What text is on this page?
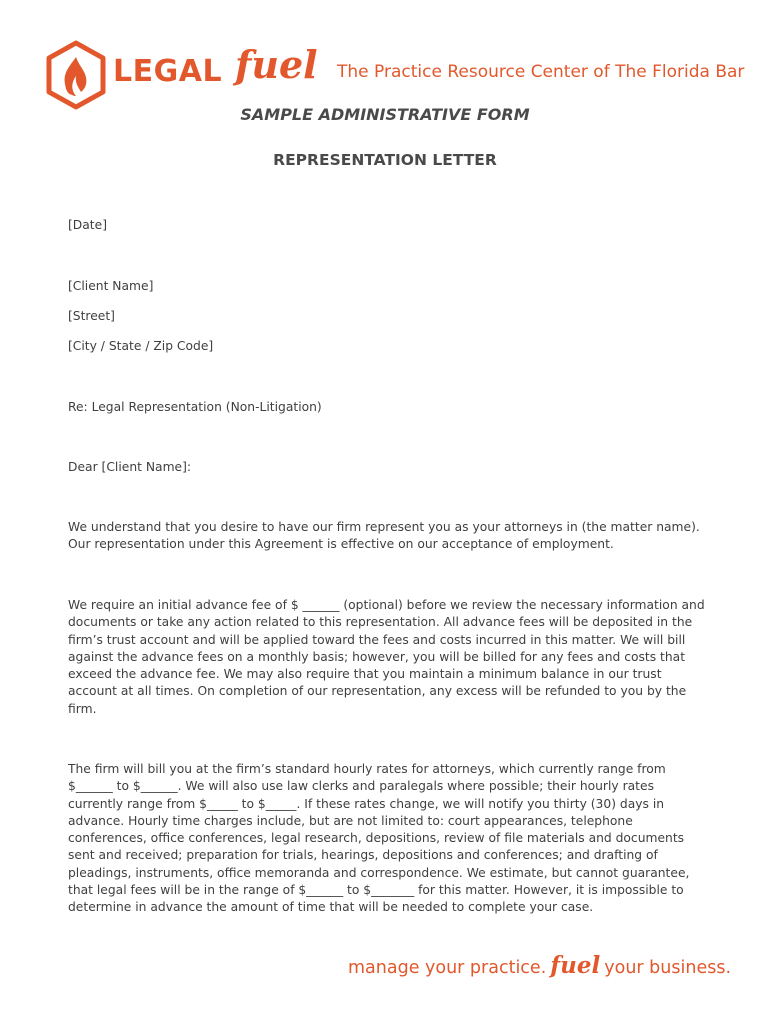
LEGAL fuel The Practice Resource Center of The Florida Bar
SAMPLE ADMINISTRATIVE FORM
REPRESENTATION LETTER
[Date]
[Client Name]
[Street]
[City / State / Zip Code]
Re: Legal Representation (Non-Litigation)
Dear [Client Name]:
We understand that you desire to have our firm represent you as your attorneys in (the matter name). Our representation under this Agreement is effective on our acceptance of employment.
We require an initial advance fee of $ ______ (optional) before we review the necessary information and documents or take any action related to this representation. All advance fees will be deposited in the firm’s trust account and will be applied toward the fees and costs incurred in this matter. We will bill against the advance fees on a monthly basis; however, you will be billed for any fees and costs that exceed the advance fee. We may also require that you maintain a minimum balance in our trust account at all times. On completion of our representation, any excess will be refunded to you by the firm.
The firm will bill you at the firm’s standard hourly rates for attorneys, which currently range from $______ to $______. We will also use law clerks and paralegals where possible; their hourly rates currently range from $_____ to $_____. If these rates change, we will notify you thirty (30) days in advance. Hourly time charges include, but are not limited to: court appearances, telephone conferences, office conferences, legal research, depositions, review of file materials and documents sent and received; preparation for trials, hearings, depositions and conferences; and drafting of pleadings, instruments, office memoranda and correspondence. We estimate, but cannot guarantee, that legal fees will be in the range of $______ to $_______ for this matter. However, it is impossible to determine in advance the amount of time that will be needed to complete your case.
manage your practice. fuel your business.
